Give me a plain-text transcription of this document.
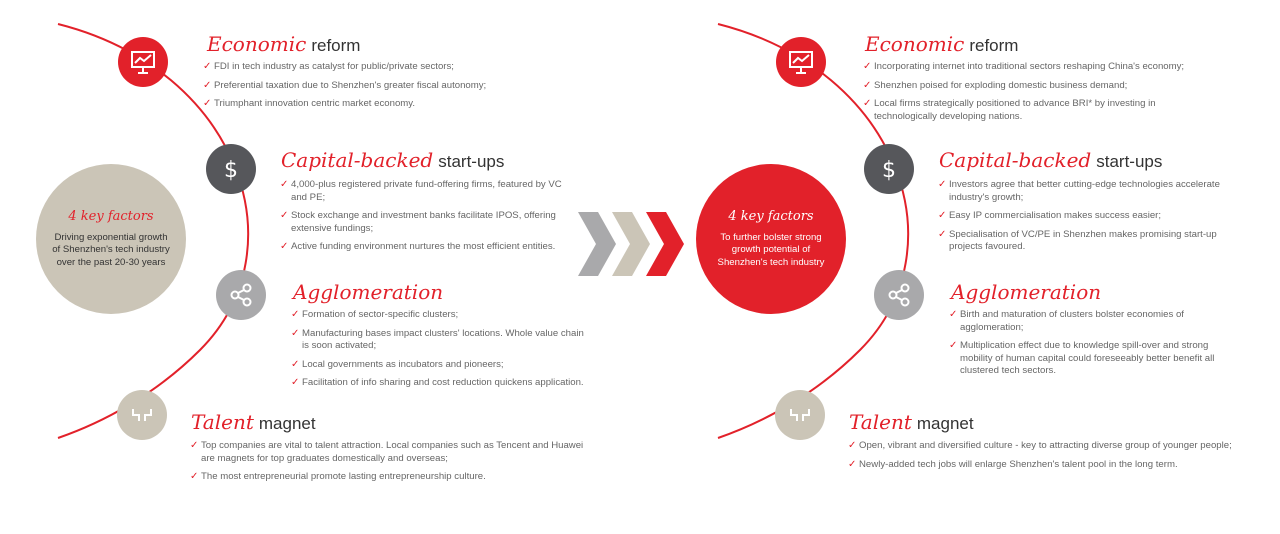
4 key factors
Driving exponential growth of Shenzhen's tech industry over the past 20-30 years
Economic reform
✓ FDI in tech industry as catalyst for public/private sectors;
✓ Preferential taxation due to Shenzhen's greater fiscal autonomy;
✓ Triumphant innovation centric market economy.
$ Capital-backed start-ups
✓ 4,000-plus registered private fund-offering firms, featured by VC and PE;
✓ Stock exchange and investment banks facilitate IPOS, offering extensive fundings;
✓ Active funding environment nurtures the most efficient entities.
Agglomeration
✓ Formation of sector-specific clusters;
✓ Manufacturing bases impact clusters' locations. Whole value chain is soon activated;
✓ Local governments as incubators and pioneers;
✓ Facilitation of info sharing and cost reduction quickens application.
Talent magnet
✓ Top companies are vital to talent attraction. Local companies such as Tencent and Huawei are magnets for top graduates domestically and overseas;
✓ The most entrepreneurial promote lasting entrepreneurship culture.
4 key factors
To further bolster strong growth potential of Shenzhen's tech industry
Economic reform
✓ Incorporating internet into traditional sectors reshaping China's economy;
✓ Shenzhen poised for exploding domestic business demand;
✓ Local firms strategically positioned to advance BRI* by investing in technologically developing nations.
$ Capital-backed start-ups
✓ Investors agree that better cutting-edge technologies accelerate industry's growth;
✓ Easy IP commercialisation makes success easier;
✓ Specialisation of VC/PE in Shenzhen makes promising start-up projects favoured.
Agglomeration
✓ Birth and maturation of clusters bolster economies of agglomeration;
✓ Multiplication effect due to knowledge spill-over and strong mobility of human capital could foreseeably better benefit all clustered tech sectors.
Talent magnet
✓ Open, vibrant and diversified culture - key to attracting diverse group of younger people;
✓ Newly-added tech jobs will enlarge Shenzhen's talent pool in the long term.
